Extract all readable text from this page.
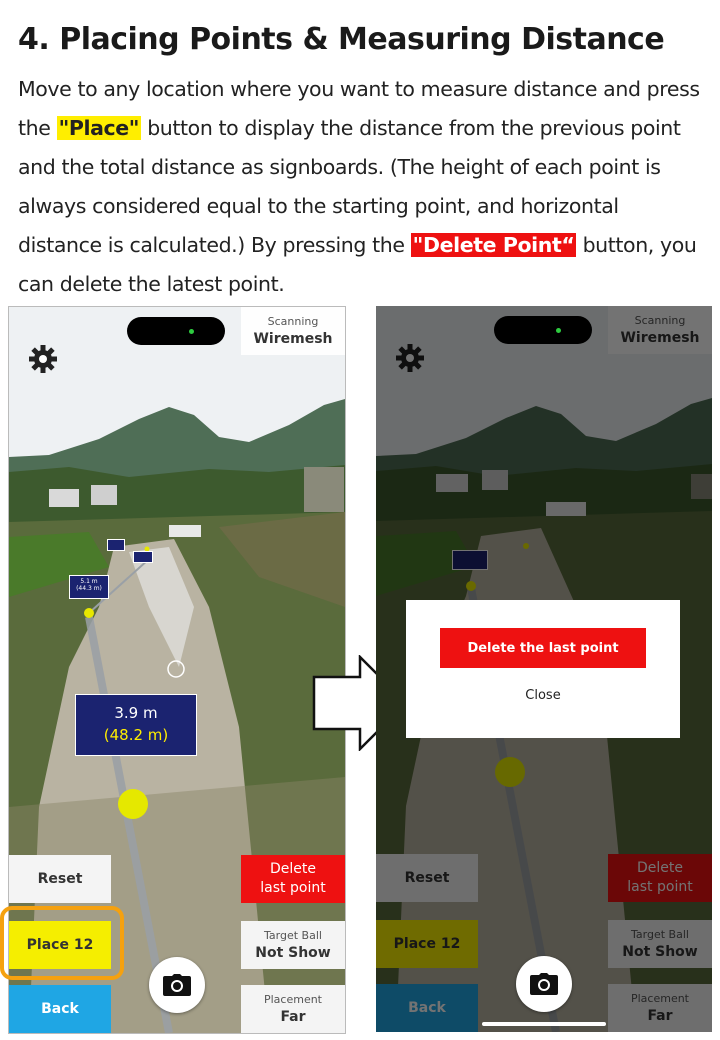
4. Placing Points & Measuring Distance

Move to any location where you want to measure distance and press the "Place" button to display the distance from the previous point and the total distance as signboards. (The height of each point is always considered equal to the starting point, and horizontal distance is calculated.) By pressing the "Delete Point“ button, you can delete the latest point.

5.1 m
(44.3 m)
3.9 m
(48.2 m)
Scanning
Wiremesh
Reset
Delete
last point
Place 12
Target Ball
Not Show
Back
Placement
Far
Delete the last point
Close
